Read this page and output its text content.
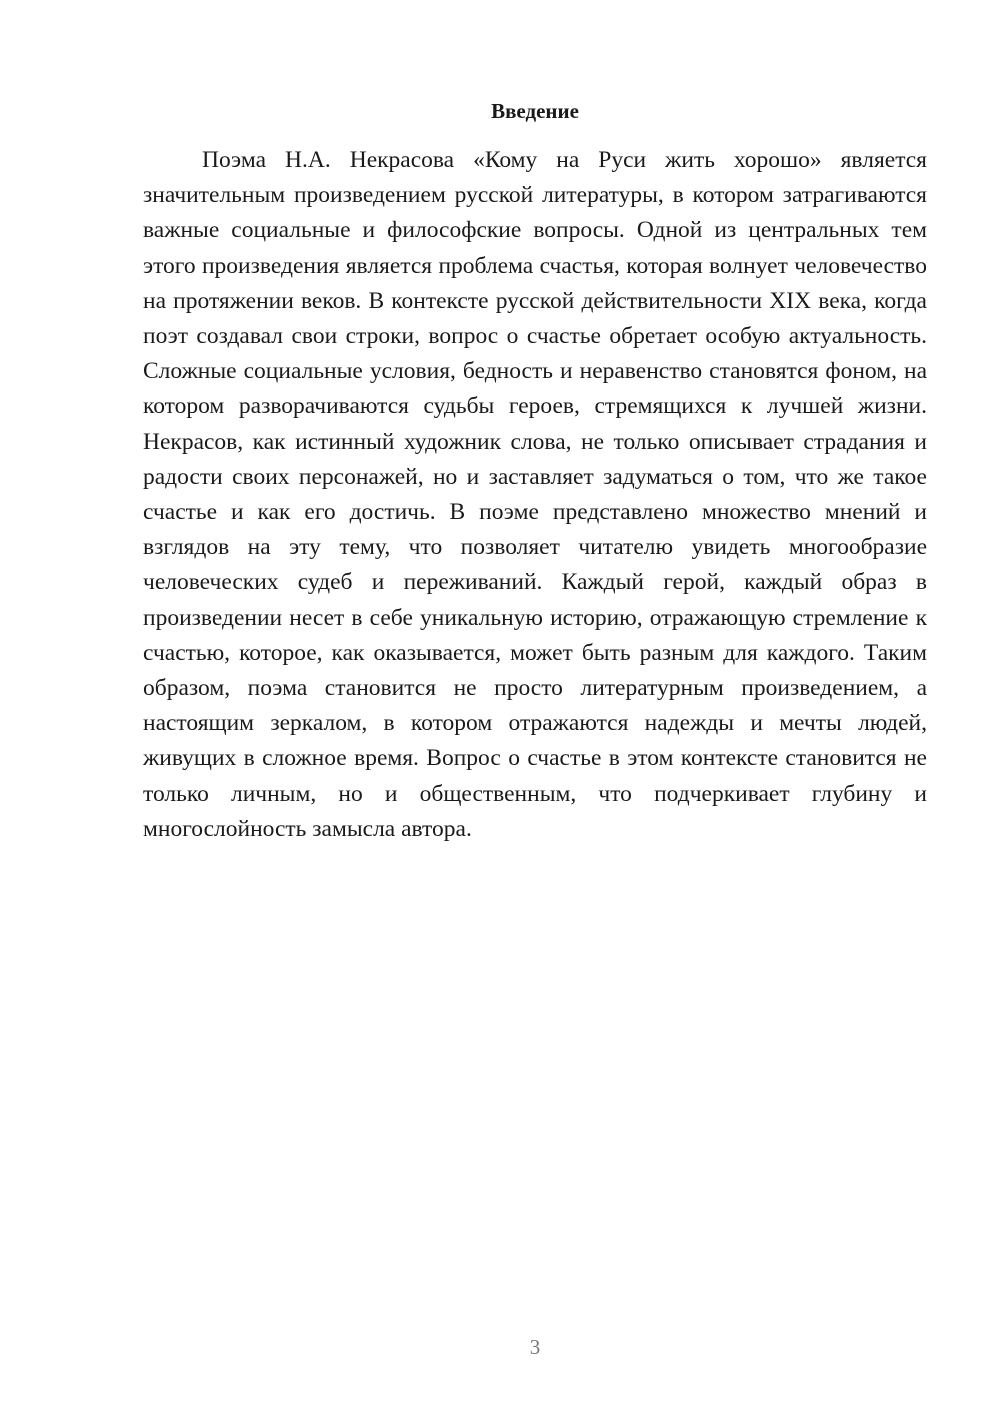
Введение

Поэма Н.А. Некрасова «Кому на Руси жить хорошо» является значительным произведением русской литературы, в котором затрагиваются важные социальные и философские вопросы. Одной из центральных тем этого произведения является проблема счастья, которая волнует человечество на протяжении веков. В контексте русской действительности XIX века, когда поэт создавал свои строки, вопрос о счастье обретает особую актуальность. Сложные социальные условия, бедность и неравенство становятся фоном, на котором разворачиваются судьбы героев, стремящихся к лучшей жизни. Некрасов, как истинный художник слова, не только описывает страдания и радости своих персонажей, но и заставляет задуматься о том, что же такое счастье и как его достичь. В поэме представлено множество мнений и взглядов на эту тему, что позволяет читателю увидеть многообразие человеческих судеб и переживаний. Каждый герой, каждый образ в произведении несет в себе уникальную историю, отражающую стремление к счастью, которое, как оказывается, может быть разным для каждого. Таким образом, поэма становится не просто литературным произведением, а настоящим зеркалом, в котором отражаются надежды и мечты людей, живущих в сложное время. Вопрос о счастье в этом контексте становится не только личным, но и общественным, что подчеркивает глубину и многослойность замысла автора.

3
